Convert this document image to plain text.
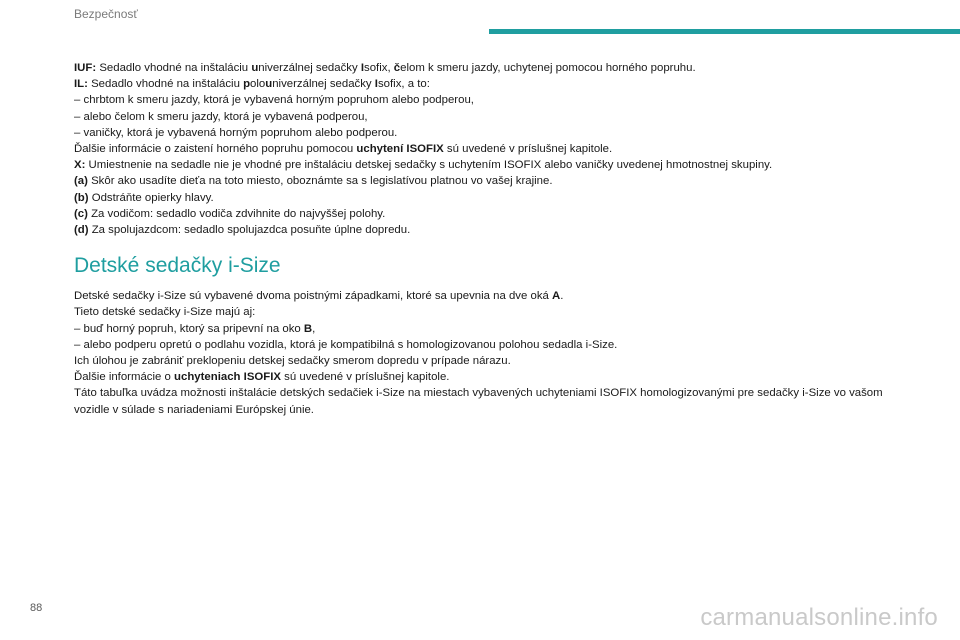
Bezpečnosť
IUF: Sedadlo vhodné na inštaláciu univerzálnej sedačky Isofix, čelom k smeru jazdy, uchytenej pomocou horného popruhu.
IL: Sedadlo vhodné na inštaláciu polouniverzálnej sedačky Isofix, a to:
– chrbtom k smeru jazdy, ktorá je vybavená horným popruhom alebo podperou,
– alebo čelom k smeru jazdy, ktorá je vybavená podperou,
– vaničky, ktorá je vybavená horným popruhom alebo podperou.
Ďalšie informácie o zaistení horného popruhu pomocou uchytení ISOFIX sú uvedené v príslušnej kapitole.
X: Umiestnenie na sedadle nie je vhodné pre inštaláciu detskej sedačky s uchytením ISOFIX alebo vaničky uvedenej hmotnostnej skupiny.
(a) Skôr ako usadíte dieťa na toto miesto, oboznámte sa s legislatívou platnou vo vašej krajine.
(b) Odstráňte opierky hlavy.
(c) Za vodičom: sedadlo vodiča zdvihnite do najvyššej polohy.
(d) Za spolujazdcom: sedadlo spolujazdca posuňte úplne dopredu.
Detské sedačky i-Size
Detské sedačky i-Size sú vybavené dvoma poistnými západkami, ktoré sa upevnia na dve oká A.
Tieto detské sedačky i-Size majú aj:
– buď horný popruh, ktorý sa pripevní na oko B,
– alebo podperu opretú o podlahu vozidla, ktorá je kompatibilná s homologizovanou polohou sedadla i-Size.
Ich úlohou je zabrániť preklopeniu detskej sedačky smerom dopredu v prípade nárazu.
Ďalšie informácie o uchyteniach ISOFIX sú uvedené v príslušnej kapitole.
Táto tabuľka uvádza možnosti inštalácie detských sedačiek i-Size na miestach vybavených uchyteniami ISOFIX homologizovanými pre sedačky i-Size vo vašom vozidle v súlade s nariadeniami Európskej únie.
88	carmanualsonline.info
